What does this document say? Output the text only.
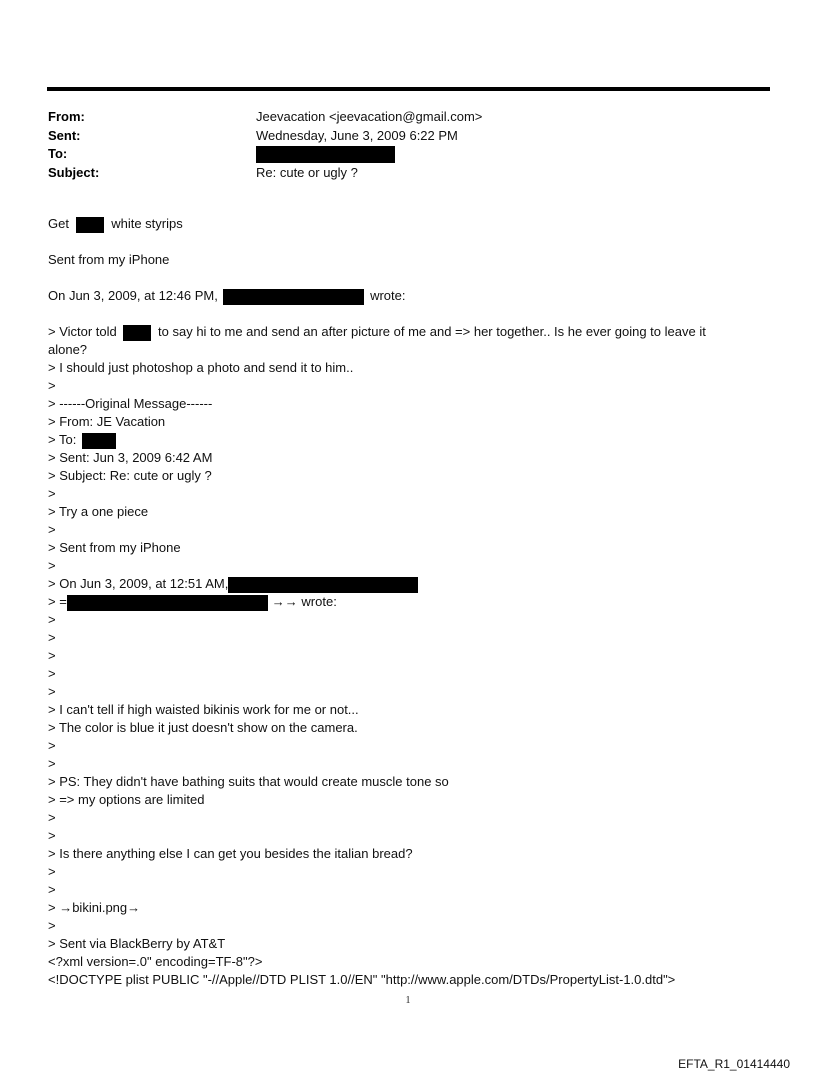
From:	Jeevacation <jeevacation@gmail.com>
Sent:	Wednesday, June 3, 2009 6:22 PM
To:
Subject:	Re: cute or ugly ?
Get	white styrips
Sent from my iPhone
On Jun 3, 2009, at 12:46 PM,	wrote:
> Victor told	to say hi to me and send an after picture of me and => her together.. Is he ever going to leave it
alone?
> I should just photoshop a photo and send it to him..
>
> ------Original Message------
> From: JE Vacation
> To:
> Sent: Jun 3, 2009 6:42 AM
> Subject: Re: cute or ugly ?
>
> Try a one piece
>
> Sent from my iPhone
>
> On Jun 3, 2009, at 12:51 AM,
> =	→→ wrote:
>
>
>
>
>
> I can't tell if high waisted bikinis work for me or not...
> The color is blue it just doesn't show on the camera.
>
>
> PS: They didn't have bathing suits that would create muscle tone so
> => my options are limited
>
>
> Is there anything else I can get you besides the italian bread?
>
>
> →bikini.png→
>
> Sent via BlackBerry by AT&T
<?xml version=.0" encoding=TF-8"?>
<!DOCTYPE plist PUBLIC "-//Apple//DTD PLIST 1.0//EN" "http://www.apple.com/DTDs/PropertyList-1.0.dtd">
1
EFTA_R1_01414440
